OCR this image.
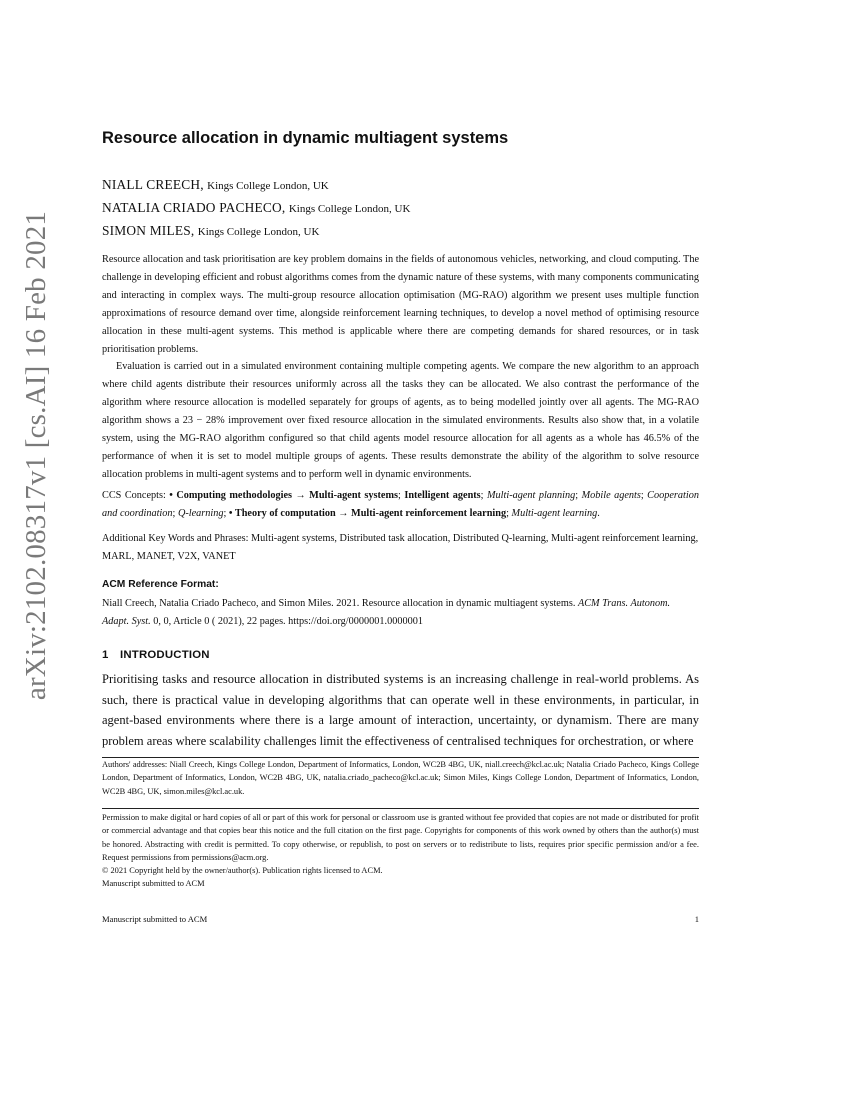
arXiv:2102.08317v1 [cs.AI] 16 Feb 2021
Resource allocation in dynamic multiagent systems
NIALL CREECH, Kings College London, UK
NATALIA CRIADO PACHECO, Kings College London, UK
SIMON MILES, Kings College London, UK

Resource allocation and task prioritisation are key problem domains in the fields of autonomous vehicles, networking, and cloud computing. The challenge in developing efficient and robust algorithms comes from the dynamic nature of these systems, with many components communicating and interacting in complex ways. The multi-group resource allocation optimisation (MG-RAO) algorithm we present uses multiple function approximations of resource demand over time, alongside reinforcement learning techniques, to develop a novel method of optimising resource allocation in these multi-agent systems. This method is applicable where there are competing demands for shared resources, or in task prioritisation problems.

Evaluation is carried out in a simulated environment containing multiple competing agents. We compare the new algorithm to an approach where child agents distribute their resources uniformly across all the tasks they can be allocated. We also contrast the performance of the algorithm where resource allocation is modelled separately for groups of agents, as to being modelled jointly over all agents. The MG-RAO algorithm shows a 23 − 28% improvement over fixed resource allocation in the simulated environments. Results also show that, in a volatile system, using the MG-RAO algorithm configured so that child agents model resource allocation for all agents as a whole has 46.5% of the performance of when it is set to model multiple groups of agents. These results demonstrate the ability of the algorithm to solve resource allocation problems in multi-agent systems and to perform well in dynamic environments.

CCS Concepts: • Computing methodologies → Multi-agent systems; Intelligent agents; Multi-agent planning; Mobile agents; Cooperation and coordination; Q-learning; • Theory of computation → Multi-agent reinforcement learning; Multi-agent learning.

Additional Key Words and Phrases: Multi-agent systems, Distributed task allocation, Distributed Q-learning, Multi-agent reinforcement learning, MARL, MANET, V2X, VANET

ACM Reference Format:

Niall Creech, Natalia Criado Pacheco, and Simon Miles. 2021. Resource allocation in dynamic multiagent systems. ACM Trans. Autonom. Adapt. Syst. 0, 0, Article 0 ( 2021), 22 pages. https://doi.org/0000001.0000001

1 INTRODUCTION

Prioritising tasks and resource allocation in distributed systems is an increasing challenge in real-world problems. As such, there is practical value in developing algorithms that can operate well in these environments, in particular, in agent-based environments where there is a large amount of interaction, uncertainty, or dynamism. There are many problem areas where scalability challenges limit the effectiveness of centralised techniques for orchestration, or where

Authors' addresses: Niall Creech, Kings College London, Department of Informatics, London, WC2B 4BG, UK, niall.creech@kcl.ac.uk; Natalia Criado Pacheco, Kings College London, Department of Informatics, London, WC2B 4BG, UK, natalia.criado_pacheco@kcl.ac.uk; Simon Miles, Kings College London, Department of Informatics, London, WC2B 4BG, UK, simon.miles@kcl.ac.uk.

Permission to make digital or hard copies of all or part of this work for personal or classroom use is granted without fee provided that copies are not made or distributed for profit or commercial advantage and that copies bear this notice and the full citation on the first page. Copyrights for components of this work owned by others than the author(s) must be honored. Abstracting with credit is permitted. To copy otherwise, or republish, to post on servers or to redistribute to lists, requires prior specific permission and/or a fee. Request permissions from permissions@acm.org.

© 2021 Copyright held by the owner/author(s). Publication rights licensed to ACM.

Manuscript submitted to ACM

Manuscript submitted to ACM	1
